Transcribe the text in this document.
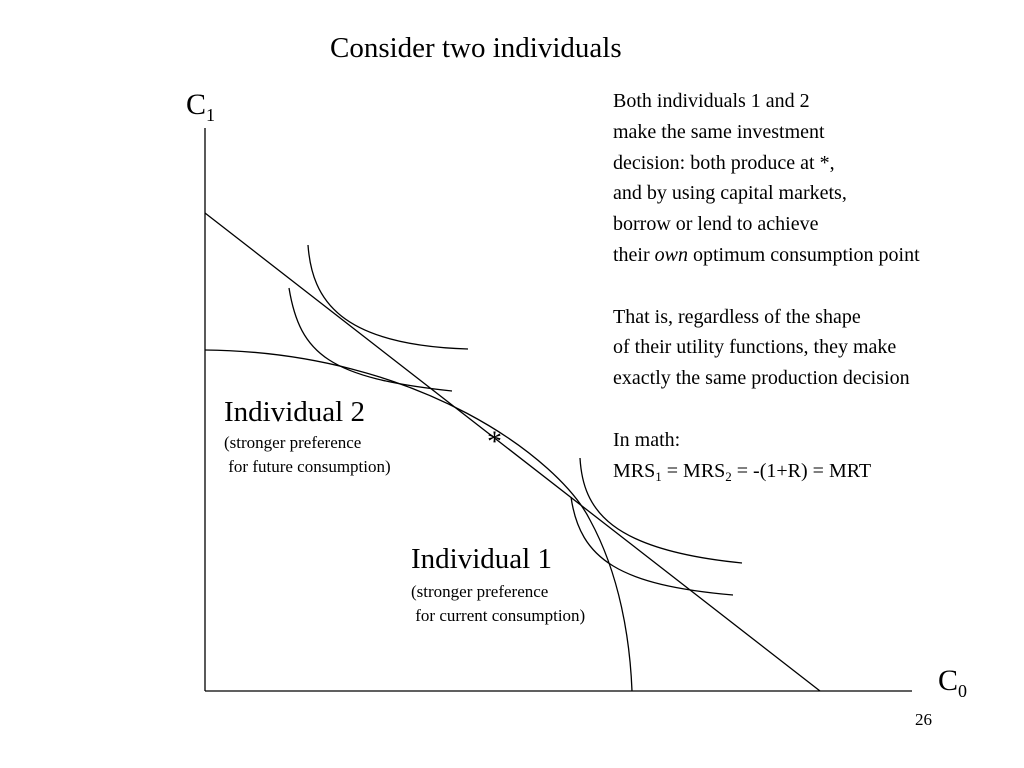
Consider two individuals
$C_1$
$C_0$
*
Individual 2
(stronger preference
for future consumption)
Individual 1
(stronger preference
for current consumption)
Both individuals 1 and 2
make the same investment
decision: both produce at *,
and by using capital markets,
borrow or lend to achieve
their own optimum consumption point
That is, regardless of the shape
of their utility functions, they make
exactly the same production decision
In math:
$MRS_1 = MRS_2 = -(1+R)$ = MRT
26
